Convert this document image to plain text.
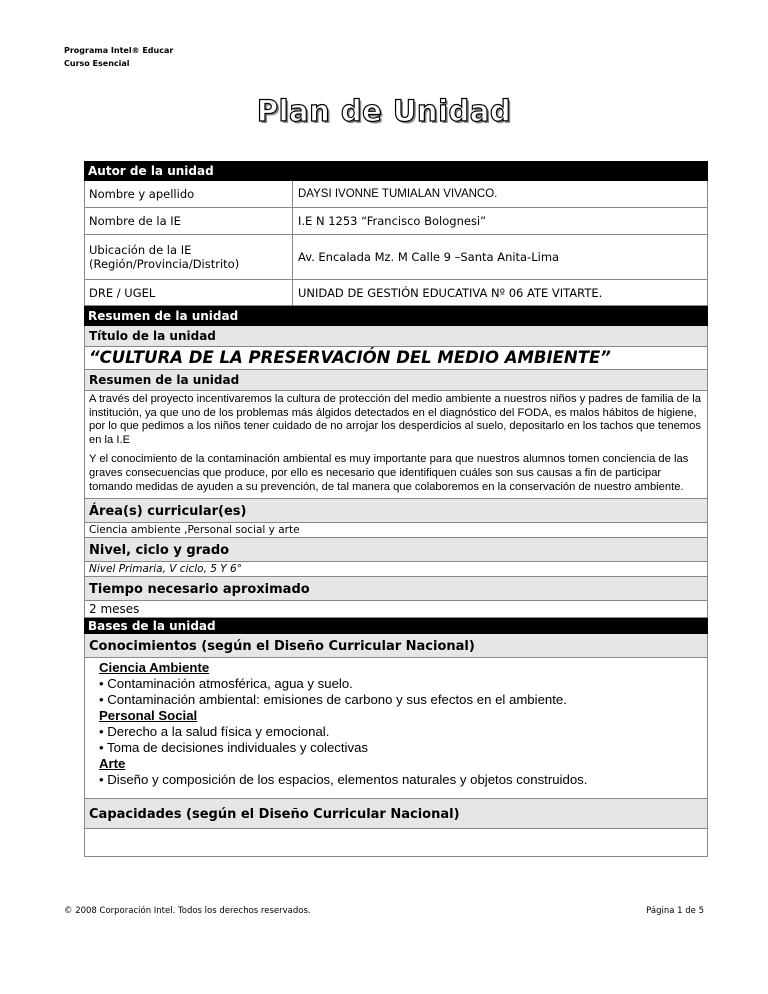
Programa Intel® Educar
Curso Esencial
Plan de Unidad
Autor de la unidad
Nombre y apellido	DAYSI IVONNE TUMIALAN VIVANCO.
Nombre de la IE	I.E N 1253 “Francisco Bolognesi”
Ubicación de la IE (Región/Provincia/Distrito)	Av. Encalada Mz. M Calle 9 –Santa Anita-Lima
DRE / UGEL	UNIDAD DE GESTIÓN EDUCATIVA Nº 06 ATE VITARTE.
Resumen de la unidad
Título de la unidad
“CULTURA DE LA PRESERVACIÓN DEL MEDIO AMBIENTE”
Resumen de la unidad

A través del proyecto incentivaremos la cultura de protección del medio ambiente a nuestros niños y padres de familia de la institución, ya que uno de los problemas más álgidos detectados en el diagnóstico del FODA, es malos hábitos de higiene, por lo que pedimos a los niños tener cuidado de no arrojar los desperdicios al suelo, depositarlo en los tachos que tenemos en la I.E

Y el conocimiento de la contaminación ambiental es muy importante para que nuestros alumnos tomen conciencia de las graves consecuencias que produce, por ello es necesario que identifiquen cuáles son sus causas a fin de participar tomando medidas de ayuden a su prevención, de tal manera que colaboremos en la conservación de nuestro ambiente.

Área(s) curricular(es)
Ciencia ambiente ,Personal social y arte
Nivel, ciclo y grado
Nivel Primaria, V ciclo, 5 Y 6°
Tiempo necesario aproximado
2 meses
Bases de la unidad
Conocimientos (según el Diseño Curricular Nacional)
Ciencia Ambiente
• Contaminación atmosférica, agua y suelo.
• Contaminación ambiental: emisiones de carbono y sus efectos en el ambiente.
Personal Social
• Derecho a la salud física y emocional.
• Toma de decisiones individuales y colectivas
Arte
• Diseño y composición de los espacios, elementos naturales y objetos construidos.
Capacidades (según el Diseño Curricular Nacional)
© 2008 Corporación Intel. Todos los derechos reservados.	Página 1 de 5
